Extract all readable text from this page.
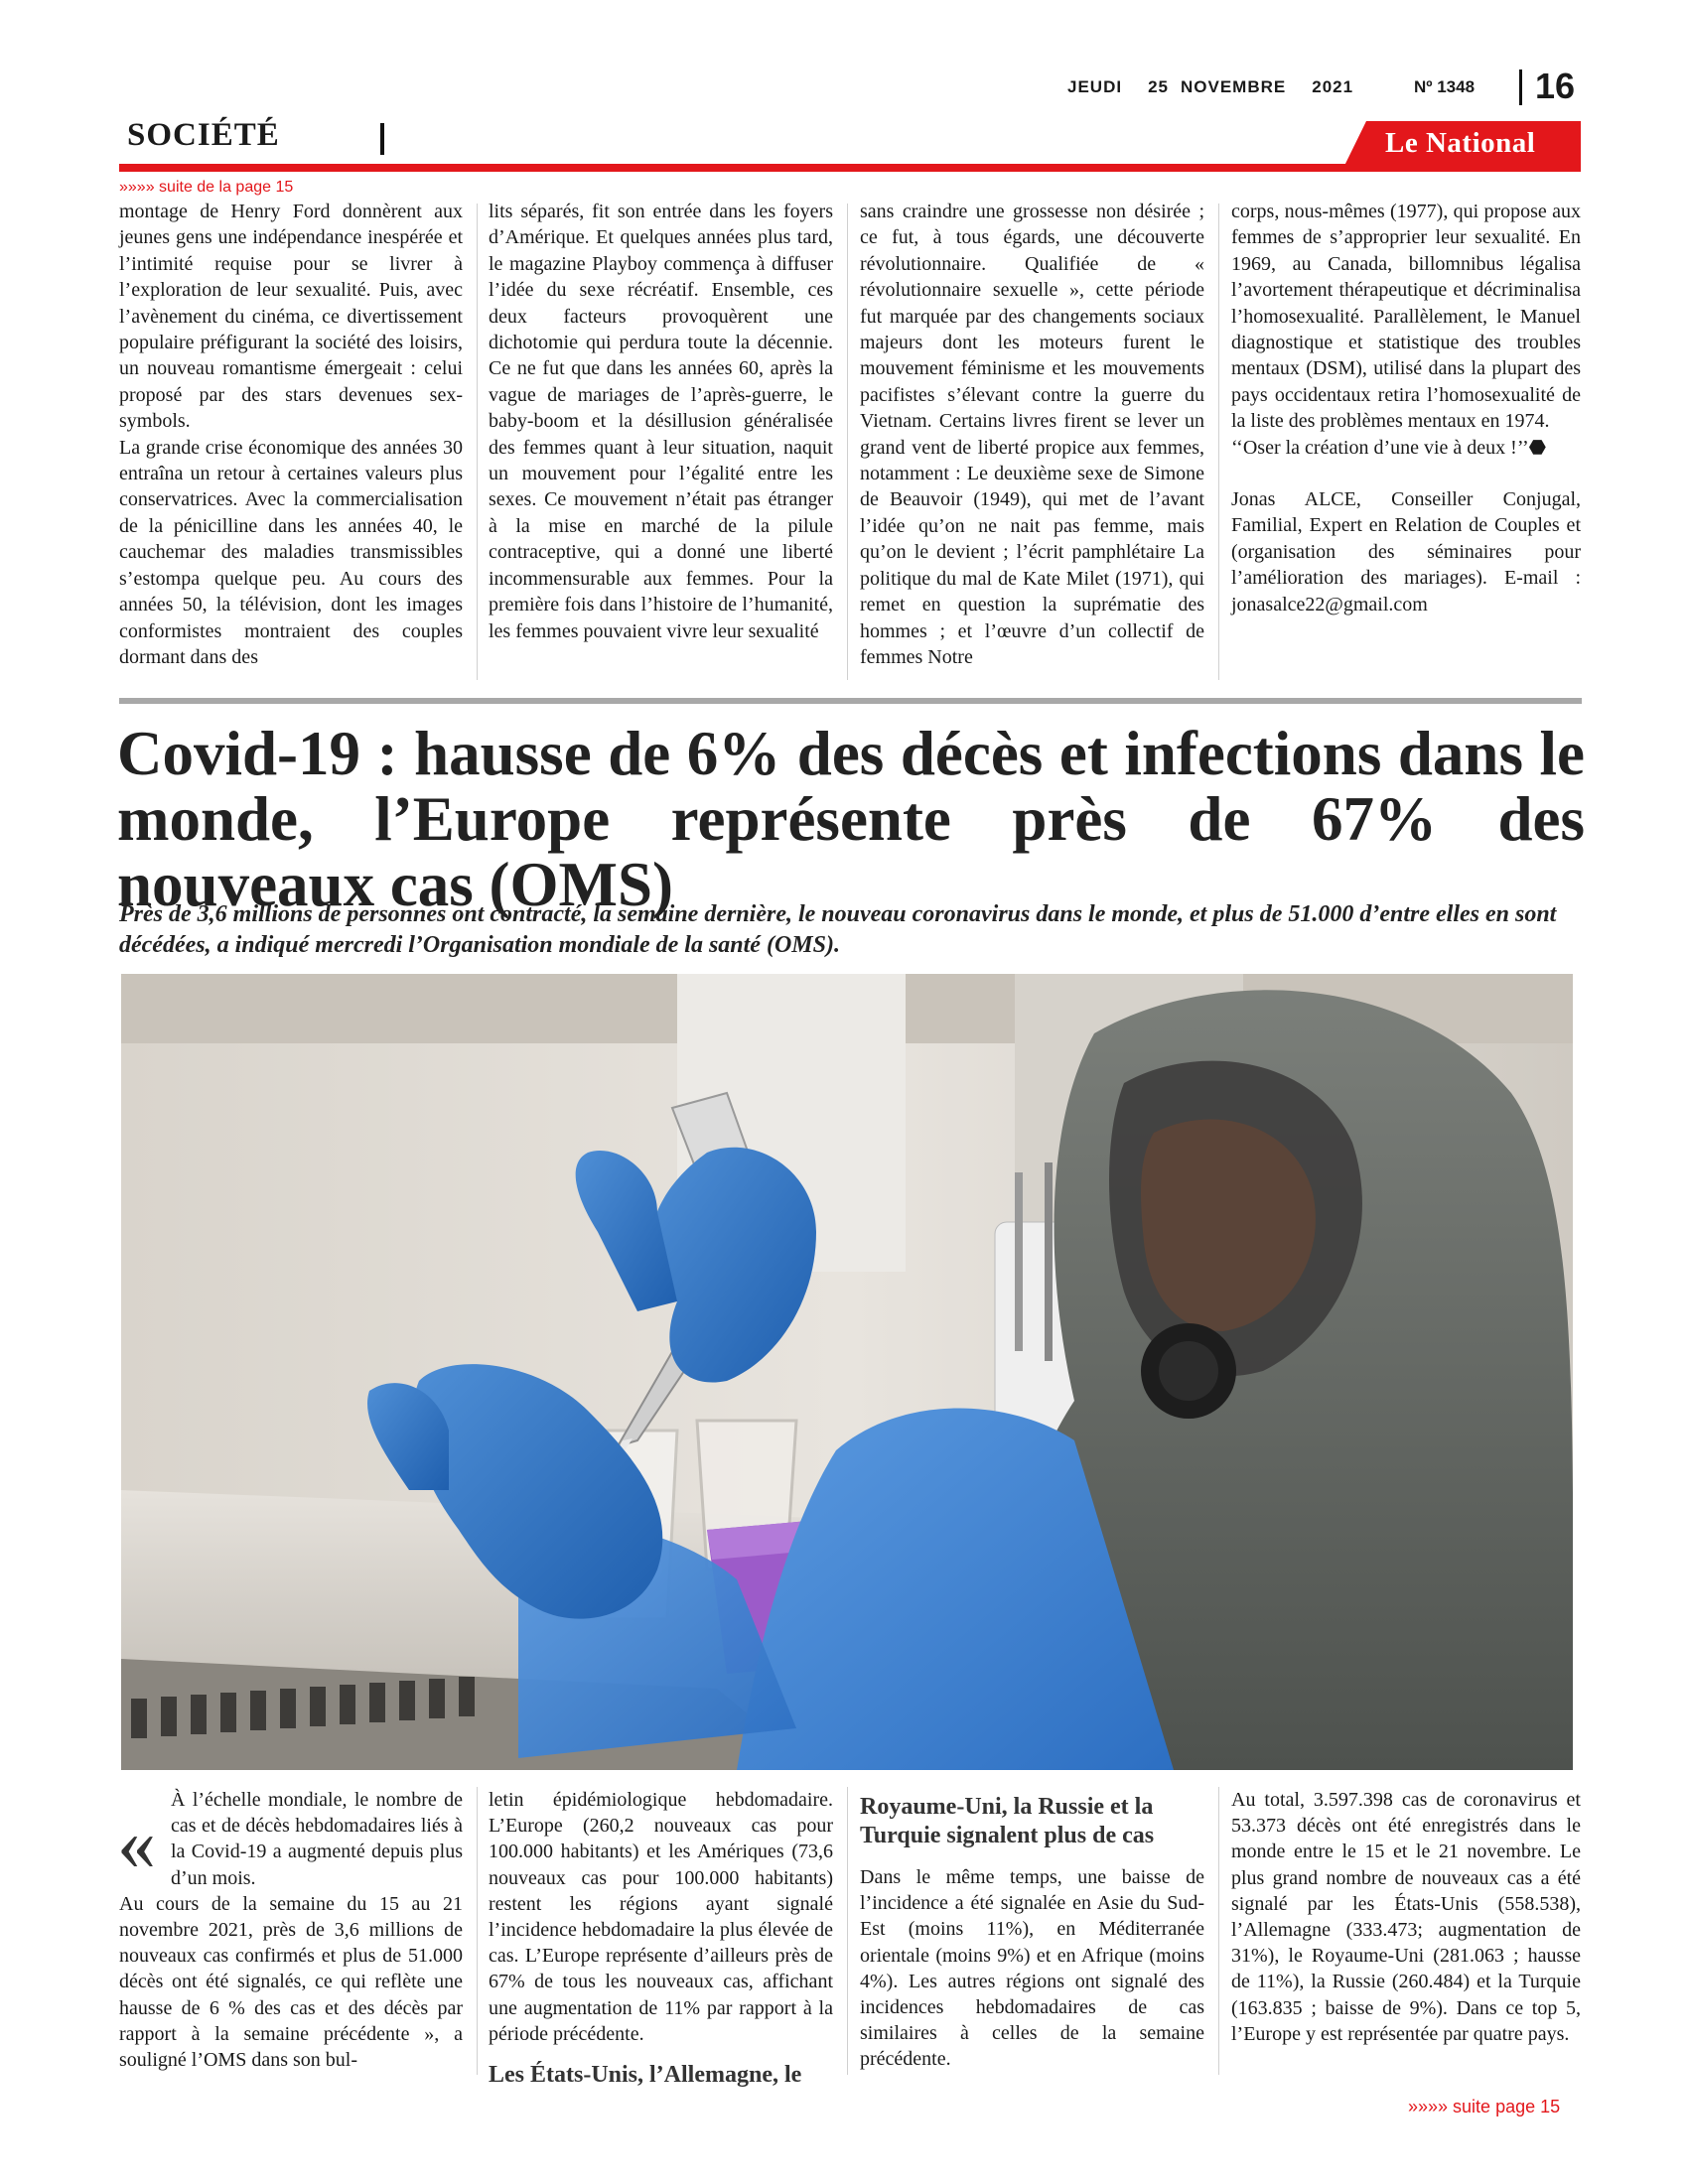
JEUDI 25 NOVEMBRE 2021	Nº 1348 16
SOCIÉTÉ	Le National
»»»» suite de la page 15

montage de Henry Ford donnèrent aux jeunes gens une indépendance inespérée et l’intimité requise pour se livrer à l’exploration de leur sexualité. Puis, avec l’avènement du cinéma, ce divertissement populaire préfigurant la société des loisirs, un nouveau romantisme émergeait : celui proposé par des stars devenues sex-symbols.

La grande crise économique des années 30 entraîna un retour à certaines valeurs plus conservatrices. Avec la commercialisation de la pénicilline dans les années 40, le cauchemar des maladies transmissibles s’estompa quelque peu. Au cours des années 50, la télévision, dont les images conformistes montraient des couples dormant dans des

lits séparés, fit son entrée dans les foyers d’Amérique. Et quelques années plus tard, le magazine Playboy commença à diffuser l’idée du sexe récréatif. Ensemble, ces deux facteurs provoquèrent une dichotomie qui perdura toute la décennie. Ce ne fut que dans les années 60, après la vague de mariages de l’après-guerre, le baby-boom et la désillusion généralisée des femmes quant à leur situation, naquit un mouvement pour l’égalité entre les sexes. Ce mouvement n’était pas étranger à la mise en marché de la pilule contraceptive, qui a donné une liberté incommensurable aux femmes. Pour la première fois dans l’histoire de l’humanité, les femmes pouvaient vivre leur sexualité

sans craindre une grossesse non désirée ; ce fut, à tous égards, une découverte révolutionnaire. Qualifiée de « révolutionnaire sexuelle », cette période fut marquée par des changements sociaux majeurs dont les moteurs furent le mouvement féminisme et les mouvements pacifistes s’élevant contre la guerre du Vietnam. Certains livres firent se lever un grand vent de liberté propice aux femmes, notamment : Le deuxième sexe de Simone de Beauvoir (1949), qui met de l’avant l’idée qu’on ne nait pas femme, mais qu’on le devient ; l’écrit pamphlétaire La politique du mal de Kate Milet (1971), qui remet en question la suprématie des hommes ; et l’œuvre d’un collectif de femmes Notre

corps, nous-mêmes (1977), qui propose aux femmes de s’approprier leur sexualité. En 1969, au Canada, billomnibus légalisa l’avortement thérapeutique et décriminalisa l’homosexualité. Parallèlement, le Manuel diagnostique et statistique des troubles mentaux (DSM), utilisé dans la plupart des pays occidentaux retira l’homosexualité de la liste des problèmes mentaux en 1974.

‘‘Oser la création d’une vie à deux !’’⬣

Jonas ALCE, Conseiller Conjugal, Familial, Expert en Relation de Couples et (organisation des séminaires pour l’amélioration des mariages). E-mail : jonasalce22@gmail.com

Covid-19 : hausse de 6% des décès et infections dans le monde, l’Europe représente près de 67% des nouveaux cas (OMS)

Près de 3,6 millions de personnes ont contracté, la semaine dernière, le nouveau coronavirus dans le monde, et plus de 51.000 d’entre elles en sont décédées, a indiqué mercredi l’Organisation mondiale de la santé (OMS).

« À l’échelle mondiale, le nombre de cas et de décès hebdomadaires liés à la Covid-19 a augmenté depuis plus d’un mois.

Au cours de la semaine du 15 au 21 novembre 2021, près de 3,6 millions de nouveaux cas confirmés et plus de 51.000 décès ont été signalés, ce qui reflète une hausse de 6 % des cas et des décès par rapport à la semaine précédente », a souligné l’OMS dans son bul-

letin épidémiologique hebdomadaire. L’Europe (260,2 nouveaux cas pour 100.000 habitants) et les Amériques (73,6 nouveaux cas pour 100.000 habitants) restent les régions ayant signalé l’incidence hebdomadaire la plus élevée de cas. L’Europe représente d’ailleurs près de 67% de tous les nouveaux cas, affichant une augmentation de 11% par rapport à la période précédente.

Les États-Unis, l’Allemagne, le

Royaume-Uni, la Russie et la Turquie signalent plus de cas

Dans le même temps, une baisse de l’incidence a été signalée en Asie du Sud-Est (moins 11%), en Méditerranée orientale (moins 9%) et en Afrique (moins 4%). Les autres régions ont signalé des incidences hebdomadaires de cas similaires à celles de la semaine précédente.

Au total, 3.597.398 cas de coronavirus et 53.373 décès ont été enregistrés dans le monde entre le 15 et le 21 novembre. Le plus grand nombre de nouveaux cas a été signalé par les États-Unis (558.538), l’Allemagne (333.473; augmentation de 31%), le Royaume-Uni (281.063 ; hausse de 11%), la Russie (260.484) et la Turquie (163.835 ; baisse de 9%). Dans ce top 5, l’Europe y est représentée par quatre pays.

»»»» suite page 15
